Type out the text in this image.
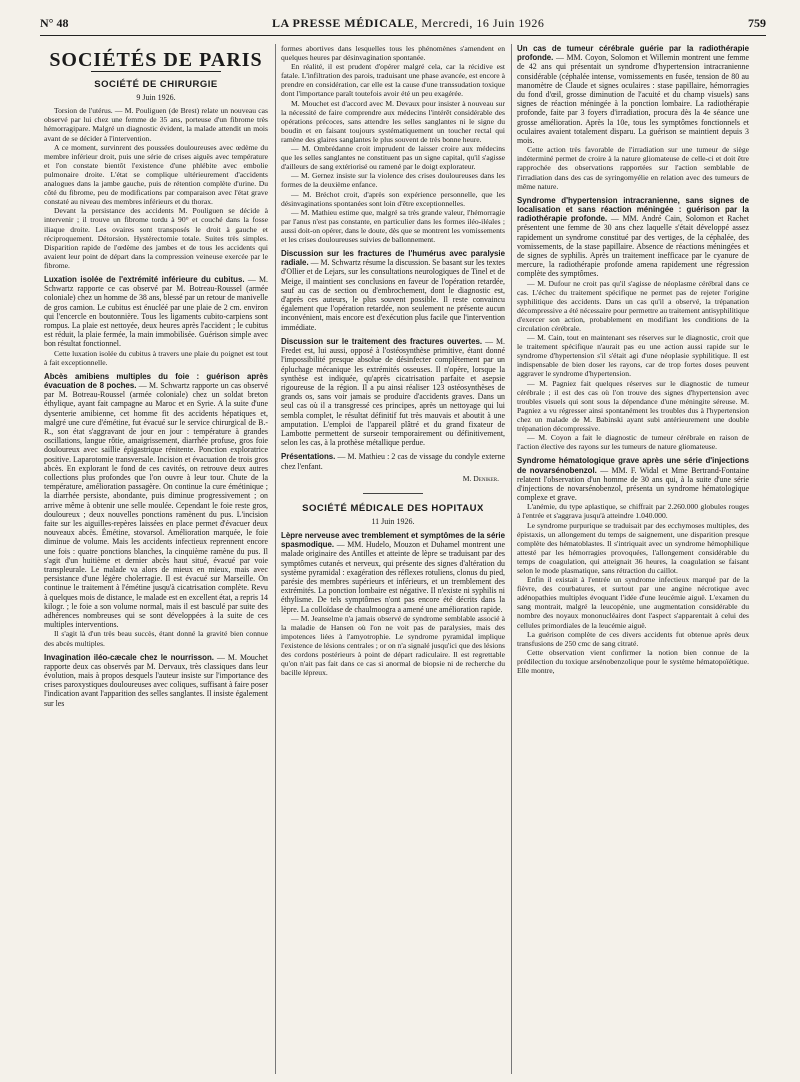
N° 48	LA PRESSE MÉDICALE, Mercredi, 16 Juin 1926	759

SOCIÉTÉS DE PARIS

SOCIÉTÉ DE CHIRURGIE

9 Juin 1926.

Torsion de l'utérus. — M. Pouliguen (de Brest) relate un nouveau cas observé par lui chez une femme de 35 ans, porteuse d'un fibrome très hémorragipare. Malgré un diagnostic évident, la malade attendit un mois avant de se décider à l'intervention.

A ce moment, survinrent des poussées douloureuses avec œdème du membre inférieur droit, puis une série de crises aiguës avec température et l'on constate bientôt l'existence d'une phlébite avec embolie pulmonaire droite. L'état se complique ultérieurement d'accidents analogues dans la jambe gauche, puis de rétention complète d'urine. Du côté du fibrome, peu de modifications par comparaison avec l'état grave constaté au niveau des membres inférieurs et du thorax.

Devant la persistance des accidents M. Pouliguen se décide à intervenir ; il trouve un fibrome tordu à 90° et couché dans la fosse iliaque droite. Les ovaires sont transposés le droit à gauche et réciproquement. Détorsion. Hystérectomie totale. Suites très simples. Disparition rapide de l'œdème des jambes et de tous les accidents qui avaient leur point de départ dans la compression veineuse exercée par le fibrome.

Luxation isolée de l'extrémité inférieure du cubitus. — M. Schwartz rapporte ce cas observé par M. Botreau-Roussel (armée coloniale) chez un homme de 38 ans, blessé par un retour de manivelle de gros camion. Le cubitus est énucléé par une plaie de 2 cm. environ qui l'encercle en boutonnière. Tous les ligaments cubito-carpiens sont rompus. La plaie est nettoyée, deux heures après l'accident ; le cubitus est réduit, la plaie fermée, la main immobilisée. Guérison simple avec bon résultat fonctionnel.

Cette luxation isolée du cubitus à travers une plaie du poignet est tout à fait exceptionnelle.

Abcès amibiens multiples du foie : guérison après évacuation de 8 poches. — M. Schwartz rapporte un cas observé par M. Botreau-Roussel (armée coloniale) chez un soldat breton éthylique, ayant fait campagne au Maroc et en Syrie. A la suite d'une dysenterie amibienne, cet homme fit des accidents hépatiques et, malgré une cure d'émétine, fut évacué sur le service chirurgical de B.-R., son état s'aggravant de jour en jour : température à grandes oscillations, langue rôtie, amaigrissement, diarrhée profuse, gros foie douloureux avec saillie épigastrique rénitente. Ponction exploratrice positive. Laparotomie transversale. Incision et évacuation de trois gros abcès. En explorant le fond de ces cavités, on retrouve deux autres collections plus profondes que l'on ouvre à leur tour. Chute de la température, amélioration passagère. On continue la cure émétinique ; la diarrhée persiste, abondante, puis diminue progressivement ; on arrive même à obtenir une selle moulée. Cependant le foie reste gros, douloureux ; deux nouvelles ponctions ramènent du pus. L'incision faite sur les aiguilles-repères laissées en place permet d'évacuer deux nouveaux abcès. Émétine, stovarsol. Amélioration marquée, le foie diminue de volume. Mais les accidents infectieux reprennent encore une fois : quatre ponctions blanches, la cinquième ramène du pus. Il s'agit d'un huitième et dernier abcès haut situé, évacué par voie transpleurale. Le malade va alors de mieux en mieux, mais avec persistance d'une légère cholerragie. Il est évacué sur Marseille. On continue le traitement à l'émétine jusqu'à cicatrisation complète. Revu à quelques mois de distance, le malade est en excellent état, a repris 14 kilogr. ; le foie a son volume normal, mais il est basculé par suite des adhérences nombreuses qui se sont développées à la suite de ces multiples interventions.

Il s'agit là d'un très beau succès, étant donné la gravité bien connue des abcès multiples.

Invagination iléo-cæcale chez le nourrisson. — M. Mouchet rapporte deux cas observés par M. Dervaux, très classiques dans leur évolution, mais à propos desquels l'auteur insiste sur l'importance des crises paroxystiques douloureuses avec coliques, suffisant à faire poser l'indication avant l'apparition des selles sanglantes. Il insiste également sur les

formes abortives dans lesquelles tous les phénomènes s'amendent en quelques heures par désinvagination spontanée.

En réalité, il est prudent d'opérer malgré cela, car la récidive est fatale. L'infiltration des parois, traduisant une phase avancée, est encore à prendre en considération, car elle est la cause d'une transsudation toxique dont l'importance paraît toutefois avoir été un peu exagérée.

M. Mouchet est d'accord avec M. Devaux pour insister à nouveau sur la nécessité de faire comprendre aux médecins l'intérêt considérable des opérations précoces, sans attendre les selles sanglantes ni le signe du boudin et en faisant toujours systématiquement un toucher rectal qui ramène des glaires sanglantes le plus souvent de très bonne heure.

— M. Ombrédanne croit imprudent de laisser croire aux médecins que les selles sanglantes ne constituent pas un signe capital, qu'il s'agisse d'ailleurs de sang extériorisé ou ramené par le doigt explorateur.

— M. Gernez insiste sur la violence des crises douloureuses dans les formes de la deuxième enfance.

— M. Bréchot croit, d'après son expérience personnelle, que les désinvaginations spontanées sont loin d'être exceptionnelles.

— M. Mathieu estime que, malgré sa très grande valeur, l'hémorragie par l'anus n'est pas constante, en particulier dans les formes iléo-iléales ; aussi doit-on opérer, dans le doute, dès que se montrent les vomissements et les crises douloureuses suivies de ballonnement.

Discussion sur les fractures de l'humérus avec paralysie radiale. — M. Schwartz résume la discussion. Se basant sur les textes d'Ollier et de Lejars, sur les consultations neurologiques de Tinel et de Meige, il maintient ses conclusions en faveur de l'opération retardée, sauf au cas de section ou d'embrochement, dont le diagnostic est, d'après ces auteurs, le plus souvent possible. Il reste convaincu également que l'opération retardée, non seulement ne présente aucun inconvénient, mais encore est d'exécution plus facile que l'intervention immédiate.

Discussion sur le traitement des fractures ouvertes. — M. Fredet est, lui aussi, opposé à l'ostéosynthèse primitive, étant donné l'impossibilité presque absolue de désinfecter complètement par un épluchage mécanique les extrémités osseuses. Il n'opère, lorsque la synthèse est indiquée, qu'après cicatrisation parfaite et asepsie rigoureuse de la région. Il a pu ainsi réaliser 123 ostéosynthèses de grands os, sans voir jamais se produire d'accidents graves. Dans un seul cas où il a transgressé ces principes, après un nettoyage qui lui sembla complet, le résultat définitif fut très mauvais et aboutit à une amputation. L'emploi de l'appareil plâtré et du grand fixateur de Lambotte permettent de surseoir temporairement ou définitivement, selon les cas, à la prothèse métallique perdue.

Présentations. — M. Mathieu : 2 cas de vissage du condyle externe chez l'enfant.

M. Deniker.

SOCIÉTÉ MÉDICALE DES HOPITAUX

11 Juin 1926.

Lèpre nerveuse avec tremblement et symptômes de la série spasmodique. — MM. Hudelo, Mouzon et Duhamel montrent une malade originaire des Antilles et atteinte de lèpre se traduisant par des symptômes cutanés et nerveux, qui présente des signes d'altération du système pyramidal : exagération des réflexes rotuliens, clonus du pied, parésie des membres supérieurs et inférieurs, et un tremblement des extrémités. La ponction lombaire est négative. Il n'existe ni syphilis ni éthylisme. De tels symptômes n'ont pas encore été décrits dans la lèpre. La colloïdase de chaulmoogra a amené une amélioration rapide.

— M. Jeanselme n'a jamais observé de syndrome semblable associé à la maladie de Hansen où l'on ne voit pas de paralysies, mais des impotences liées à l'amyotrophie. Le syndrome pyramidal implique l'existence de lésions centrales ; or on n'a signalé jusqu'ici que des lésions des cordons postérieurs à point de départ radiculaire. Il est regrettable qu'on n'ait pas fait dans ce cas si anormal de biopsie ni de recherche du bacille lépreux.

Un cas de tumeur cérébrale guérie par la radiothérapie profonde. — MM. Coyon, Solomon et Willemin montrent une femme de 42 ans qui présentait un syndrome d'hypertension intracranienne considérable (céphalée intense, vomissements en fusée, tension de 80 au manomètre de Claude et signes oculaires : stase papillaire, hémorragies du fond d'œil, grosse diminution de l'acuité et du champ visuels) sans signes de réaction méningée à la ponction lombaire. La radiothérapie profonde, faite par 3 foyers d'irradiation, procura dès la 4e séance une grosse amélioration. Après la 10e, tous les symptômes fonctionnels et oculaires avaient totalement disparu. La guérison se maintient depuis 3 mois.

Cette action très favorable de l'irradiation sur une tumeur de siège indéterminé permet de croire à la nature gliomateuse de celle-ci et doit être rapprochée des observations rapportées sur l'action semblable de l'irradiation dans des cas de syringomyélie en relation avec des tumeurs de même nature.

Syndrome d'hypertension intracranienne, sans signes de localisation et sans réaction méningée : guérison par la radiothérapie profonde. — MM. André Cain, Solomon et Rachet présentent une femme de 30 ans chez laquelle s'était développé assez rapidement un syndrome constitué par des vertiges, de la céphalée, des vomissements, de la stase papillaire. Absence de réactions méningées et de signes de syphilis. Après un traitement inefficace par le cyanure de mercure, la radiothérapie profonde amena rapidement une régression complète des symptômes.

— M. Dufour ne croit pas qu'il s'agisse de néoplasme cérébral dans ce cas. L'échec du traitement spécifique ne permet pas de rejeter l'origine syphilitique des accidents. Dans un cas qu'il a observé, la trépanation décompressive a été nécessaire pour permettre au traitement antisyphilitique d'exercer son action, probablement en modifiant les conditions de la circulation cérébrale.

— M. Cain, tout en maintenant ses réserves sur le diagnostic, croit que le traitement spécifique n'aurait pas eu une action aussi rapide sur le syndrome d'hypertension s'il s'était agi d'une néoplasie syphilitique. Il est indispensable de bien doser les rayons, car de trop fortes doses peuvent aggraver le syndrome d'hypertension.

— M. Pagniez fait quelques réserves sur le diagnostic de tumeur cérébrale ; il est des cas où l'on trouve des signes d'hypertension avec troubles visuels qui sont sous la dépendance d'une méningite séreuse. M. Pagniez a vu régresser ainsi spontanément les troubles dus à l'hypertension chez un malade de M. Babinski ayant subi antérieurement une double trépanation décompressive.

— M. Coyon a fait le diagnostic de tumeur cérébrale en raison de l'action élective des rayons sur les tumeurs de nature gliomateuse.

Syndrome hématologique grave après une série d'injections de novarsénobenzol. — MM. F. Widal et Mme Bertrand-Fontaine relatent l'observation d'un homme de 30 ans qui, à la suite d'une série d'injections de novarsénobenzol, présenta un syndrome hématologique complexe et grave.

L'anémie, du type aplastique, se chiffrait par 2.260.000 globules rouges à l'entrée et s'aggrava jusqu'à atteindre 1.040.000.

Le syndrome purpurique se traduisait par des ecchymoses multiples, des épistaxis, un allongement du temps de saignement, une disparition presque complète des hématoblastes. Il s'intriquait avec un syndrome hémophilique attesté par les hémorragies provoquées, l'allongement considérable du temps de coagulation, qui atteignait 36 heures, la coagulation se faisant selon le mode plasmatique, sans rétraction du caillot.

Enfin il existait à l'entrée un syndrome infectieux marqué par de la fièvre, des courbatures, et surtout par une angine nécrotique avec adénopathies multiples évoquant l'idée d'une leucémie aiguë. L'examen du sang montrait, malgré la leucopénie, une augmentation considérable du nombre des noyaux mononucléaires dont l'aspect s'apparentait à celui des cellules primordiales de la leucémie aiguë.

La guérison complète de ces divers accidents fut obtenue après deux transfusions de 250 cmc de sang citraté.

Cette observation vient confirmer la notion bien connue de la prédilection du toxique arsénobenzolique pour le système hématopoïétique. Elle montre,
